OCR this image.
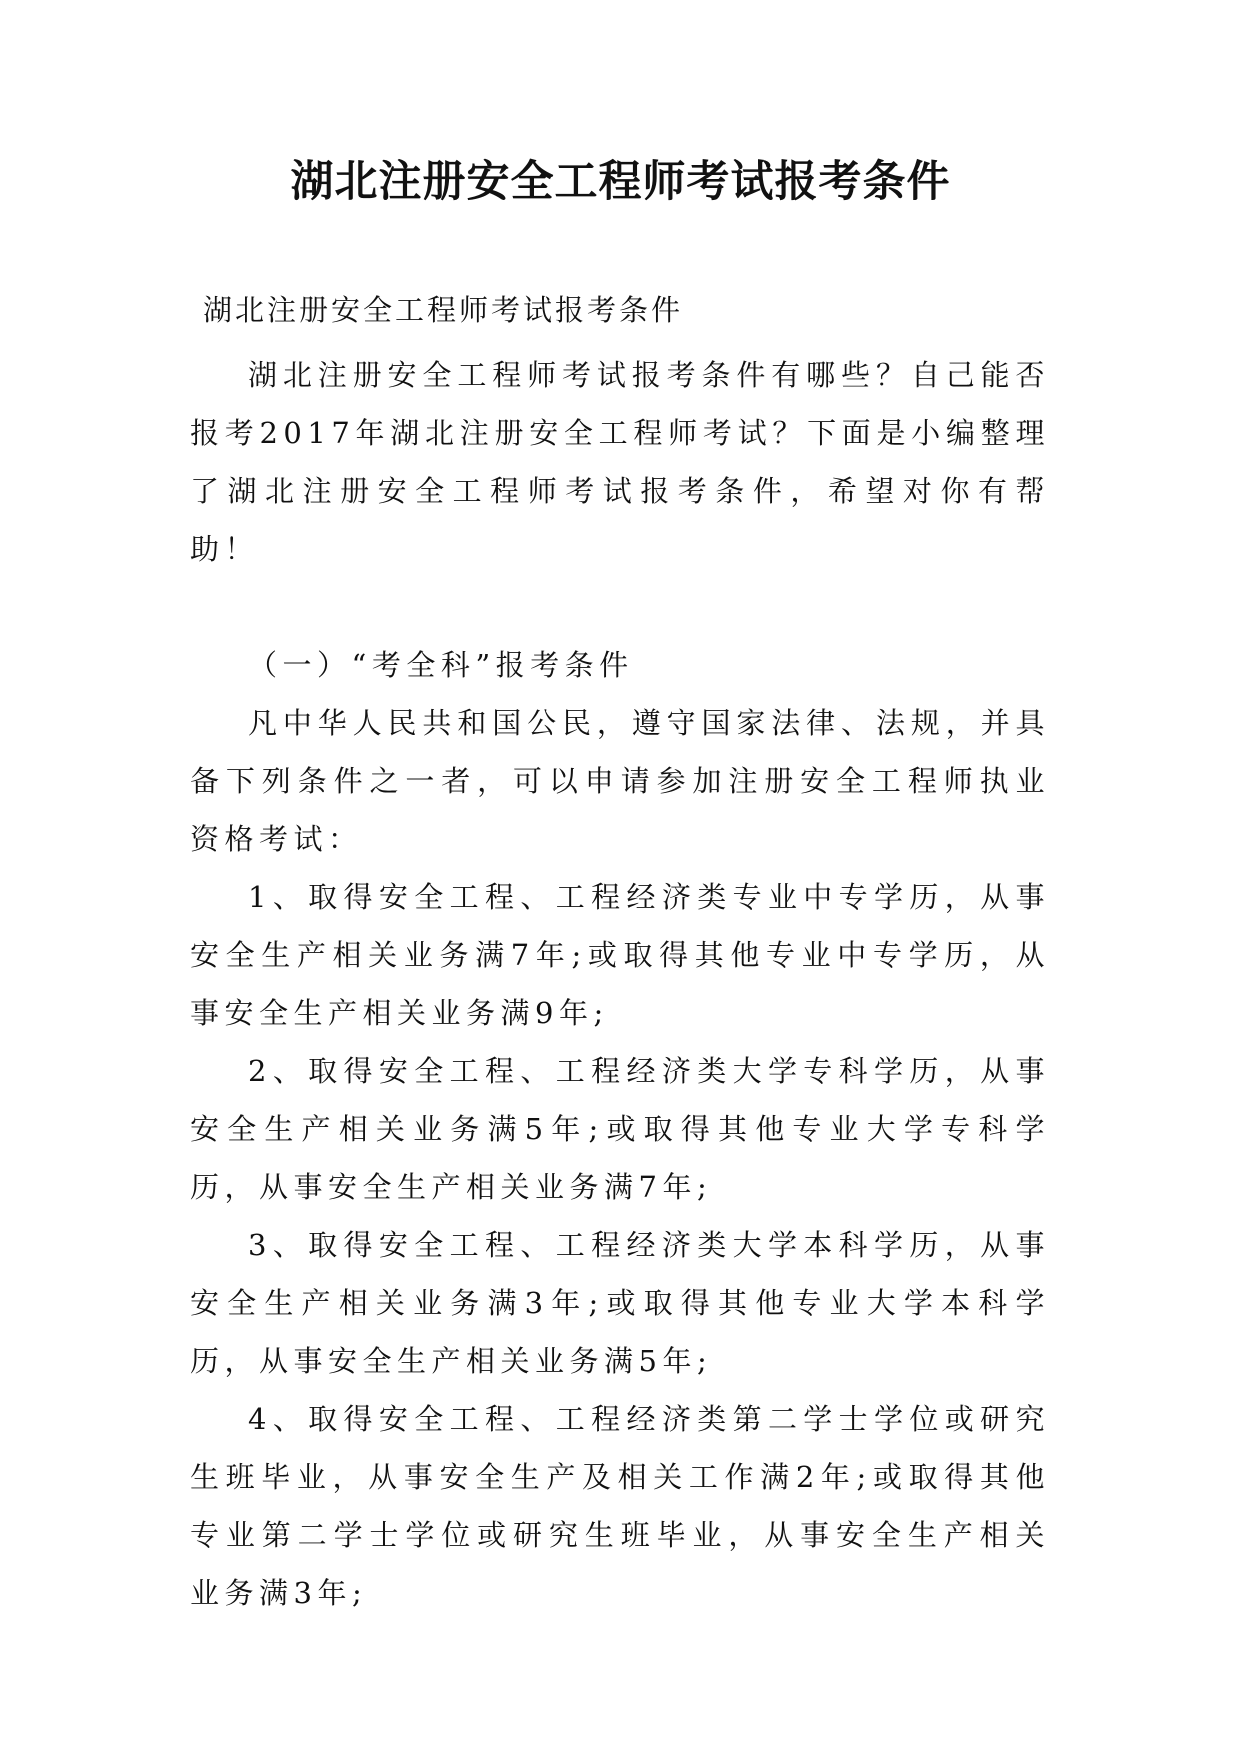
湖北注册安全工程师考试报考条件
湖北注册安全工程师考试报考条件

湖北注册安全工程师考试报考条件有哪些？自己能否报考2017年湖北注册安全工程师考试？下面是小编整理了湖北注册安全工程师考试报考条件，希望对你有帮助！

（一）“考全科”报考条件

凡中华人民共和国公民，遵守国家法律、法规，并具备下列条件之一者，可以申请参加注册安全工程师执业资格考试：

1、取得安全工程、工程经济类专业中专学历，从事安全生产相关业务满7年;或取得其他专业中专学历，从事安全生产相关业务满9年;

2、取得安全工程、工程经济类大学专科学历，从事安全生产相关业务满5年;或取得其他专业大学专科学历，从事安全生产相关业务满7年;

3、取得安全工程、工程经济类大学本科学历，从事安全生产相关业务满3年;或取得其他专业大学本科学历，从事安全生产相关业务满5年;

4、取得安全工程、工程经济类第二学士学位或研究生班毕业，从事安全生产及相关工作满2年;或取得其他专业第二学士学位或研究生班毕业，从事安全生产相关业务满3年;
